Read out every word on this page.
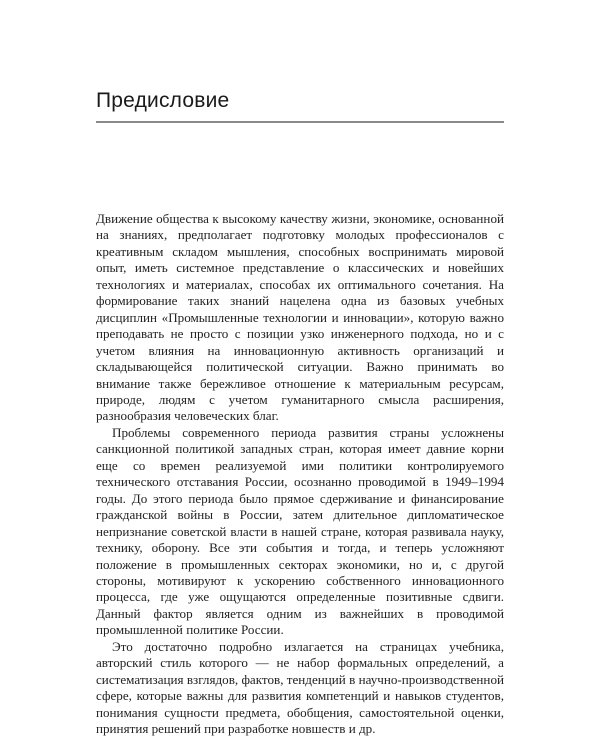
Предисловие

Движение общества к высокому качеству жизни, экономике, основанной на знаниях, предполагает подготовку молодых профессионалов с креативным складом мышления, способных воспринимать мировой опыт, иметь системное представление о классических и новейших технологиях и материалах, способах их оптимального сочетания. На формирование таких знаний нацелена одна из базовых учебных дисциплин «Промышленные технологии и инновации», которую важно преподавать не просто с позиции узко инженерного подхода, но и с учетом влияния на инновационную активность организаций и складывающейся политической ситуации. Важно принимать во внимание также бережливое отношение к материальным ресурсам, природе, людям с учетом гуманитарного смысла расширения, разнообразия человеческих благ.

Проблемы современного периода развития страны усложнены санкционной политикой западных стран, которая имеет давние корни еще со времен реализуемой ими политики контролируемого технического отставания России, осознанно проводимой в 1949–1994 годы. До этого периода было прямое сдерживание и финансирование гражданской войны в России, затем длительное дипломатическое непризнание советской власти в нашей стране, которая развивала науку, технику, оборону. Все эти события и тогда, и теперь усложняют положение в промышленных секторах экономики, но и, с другой стороны, мотивируют к ускорению собственного инновационного процесса, где уже ощущаются определенные позитивные сдвиги. Данный фактор является одним из важнейших в проводимой промышленной политике России.

Это достаточно подробно излагается на страницах учебника, авторский стиль которого — не набор формальных определений, а систематизация взглядов, фактов, тенденций в научно-производственной сфере, которые важны для развития компетенций и навыков студентов, понимания сущности предмета, обобщения, самостоятельной оценки, принятия решений при разработке новшеств и др.
